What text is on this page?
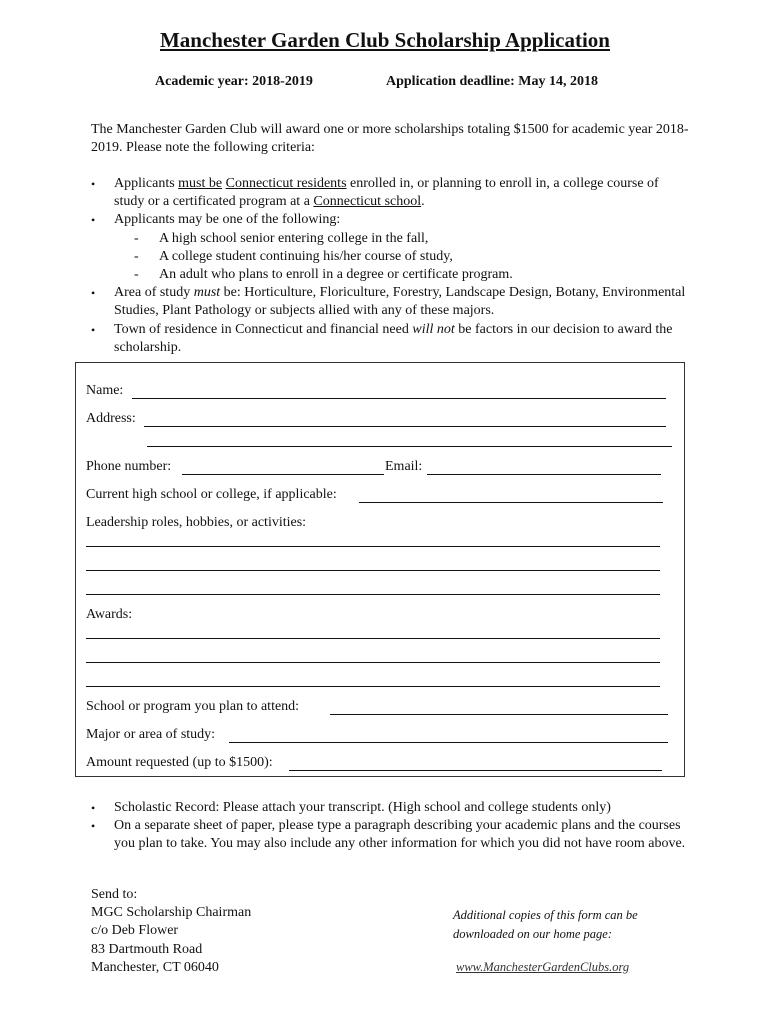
Manchester Garden Club Scholarship Application
Academic year: 2018-2019	Application deadline: May 14, 2018
The Manchester Garden Club will award one or more scholarships totaling $1500 for academic year 2018-2019. Please note the following criteria:
• Applicants must be Connecticut residents enrolled in, or planning to enroll in, a college course of study or a certificated program at a Connecticut school.
• Applicants may be one of the following:
- A high school senior entering college in the fall,
- A college student continuing his/her course of study,
- An adult who plans to enroll in a degree or certificate program.
• Area of study must be: Horticulture, Floriculture, Forestry, Landscape Design, Botany, Environmental Studies, Plant Pathology or subjects allied with any of these majors.
• Town of residence in Connecticut and financial need will not be factors in our decision to award the scholarship.
Name:
Address:
Phone number:	Email:
Current high school or college, if applicable:
Leadership roles, hobbies, or activities:
Awards:
School or program you plan to attend:
Major or area of study:
Amount requested (up to $1500):
• Scholastic Record: Please attach your transcript. (High school and college students only)
• On a separate sheet of paper, please type a paragraph describing your academic plans and the courses you plan to take. You may also include any other information for which you did not have room above.
Send to:
MGC Scholarship Chairman
c/o Deb Flower
83 Dartmouth Road
Manchester, CT 06040
Additional copies of this form can be
downloaded on our home page:
www.ManchesterGardenClubs.org
